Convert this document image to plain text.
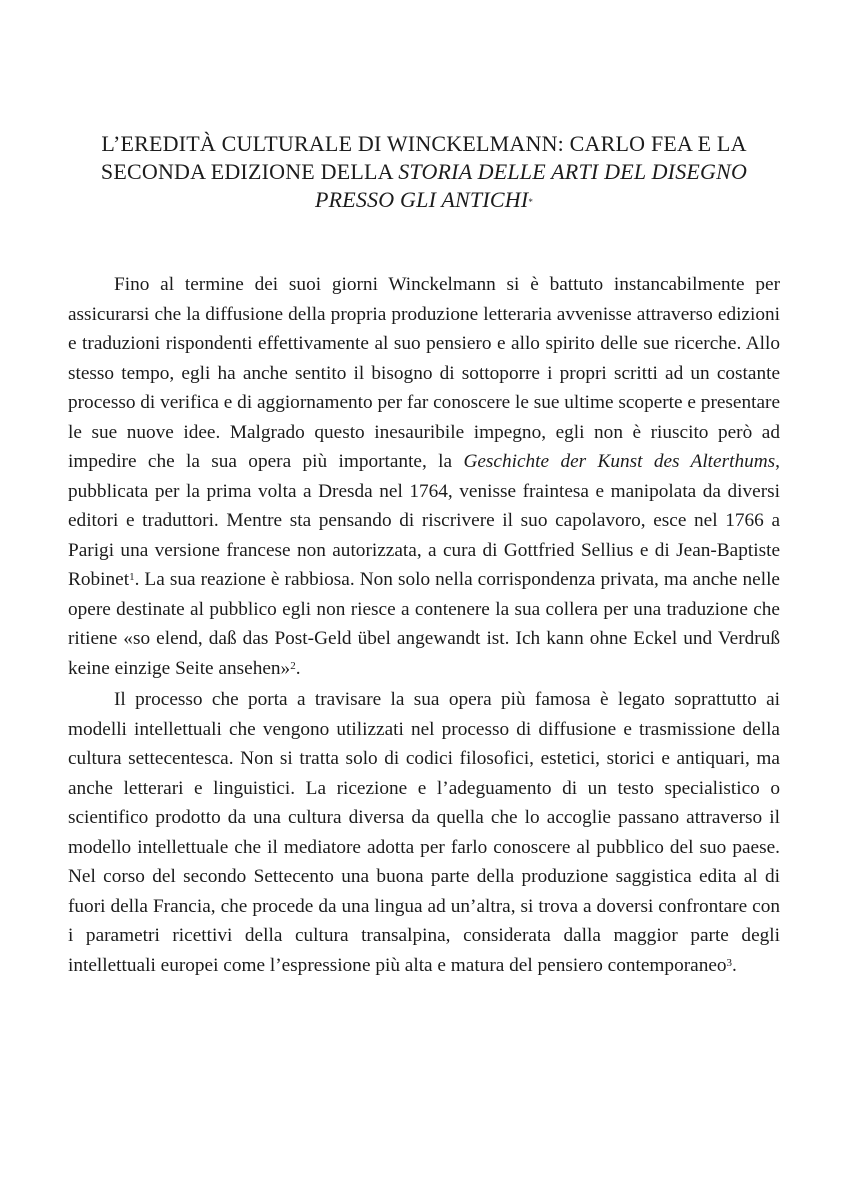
L’EREDITÀ CULTURALE DI WINCKELMANN: CARLO FEA E LA
SECONDA EDIZIONE DELLA STORIA DELLE ARTI DEL DISEGNO
PRESSO GLI ANTICHI*

Fino al termine dei suoi giorni Winckelmann si è battuto instancabilmente per assicurarsi che la diffusione della propria produzione letteraria avvenisse attraverso edizioni e traduzioni rispondenti effettivamente al suo pensiero e allo spirito delle sue ricerche. Allo stesso tempo, egli ha anche sentito il bisogno di sottoporre i propri scritti ad un costante processo di verifica e di aggiornamento per far conoscere le sue ultime scoperte e presentare le sue nuove idee. Malgrado questo inesauribile impegno, egli non è riuscito però ad impedire che la sua opera più importante, la Geschichte der Kunst des Alterthums, pubblicata per la prima volta a Dresda nel 1764, venisse fraintesa e manipolata da diversi editori e traduttori. Mentre sta pensando di riscrivere il suo capolavoro, esce nel 1766 a Parigi una versione francese non autorizzata, a cura di Gottfried Sellius e di Jean-Baptiste Robinet$^1$. La sua reazione è rabbiosa. Non solo nella corrispondenza privata, ma anche nelle opere destinate al pubblico egli non riesce a contenere la sua collera per una traduzione che ritiene «so elend, daß das Post-Geld übel angewandt ist. Ich kann ohne Eckel und Verdruß keine einzige Seite ansehen»$^2$.

Il processo che porta a travisare la sua opera più famosa è legato soprattutto ai modelli intellettuali che vengono utilizzati nel processo di diffusione e trasmissione della cultura settecentesca. Non si tratta solo di codici filosofici, estetici, storici e antiquari, ma anche letterari e linguistici. La ricezione e l’adeguamento di un testo specialistico o scientifico prodotto da una cultura diversa da quella che lo accoglie passano attraverso il modello intellettuale che il mediatore adotta per farlo conoscere al pubblico del suo paese. Nel corso del secondo Settecento una buona parte della produzione saggistica edita al di fuori della Francia, che procede da una lingua ad un’altra, si trova a doversi confrontare con i parametri ricettivi della cultura transalpina, considerata dalla maggior parte degli intellettuali europei come l’espressione più alta e matura del pensiero contemporaneo$^3$.
